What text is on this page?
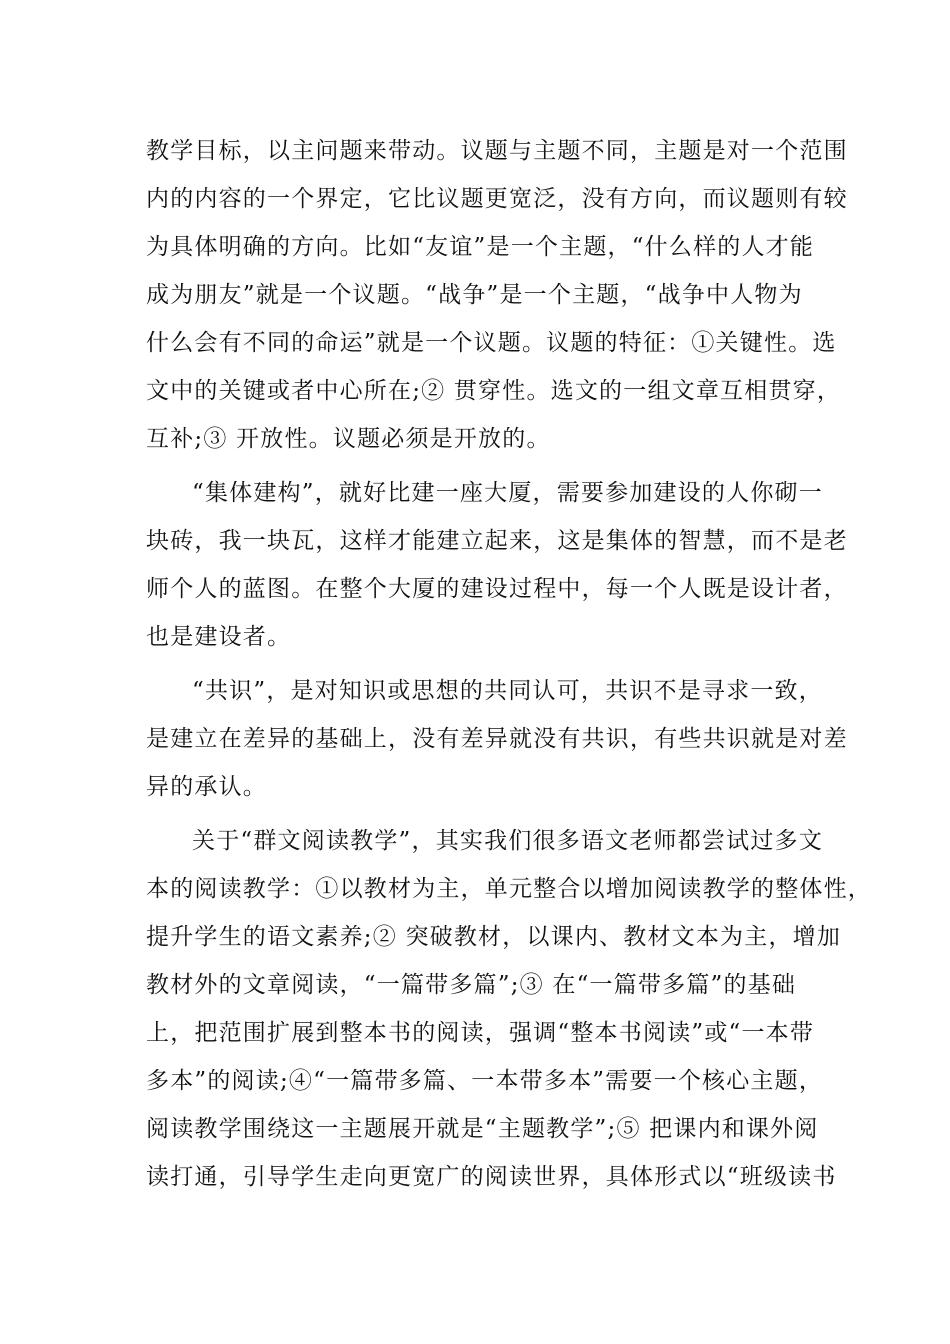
教学目标，以主问题来带动。议题与主题不同，主题是对一个范围
内的内容的一个界定，它比议题更宽泛，没有方向，而议题则有较
为具体明确的方向。比如“友谊”是一个主题，“什么样的人才能
成为朋友”就是一个议题。“战争”是一个主题，“战争中人物为
什么会有不同的命运”就是一个议题。议题的特征：①关键性。选
文中的关键或者中心所在;② 贯穿性。选文的一组文章互相贯穿，
互补;③ 开放性。议题必须是开放的。
“集体建构”，就好比建一座大厦，需要参加建设的人你砌一
块砖，我一块瓦，这样才能建立起来，这是集体的智慧，而不是老
师个人的蓝图。在整个大厦的建设过程中，每一个人既是设计者，
也是建设者。
“共识”，是对知识或思想的共同认可，共识不是寻求一致，
是建立在差异的基础上，没有差异就没有共识，有些共识就是对差
异的承认。
关于“群文阅读教学”，其实我们很多语文老师都尝试过多文
本的阅读教学：①以教材为主，单元整合以增加阅读教学的整体性，
提升学生的语文素养;② 突破教材，以课内、教材文本为主，增加
教材外的文章阅读，“一篇带多篇”;③ 在“一篇带多篇”的基础
上，把范围扩展到整本书的阅读，强调“整本书阅读”或“一本带
多本”的阅读;④“一篇带多篇、一本带多本”需要一个核心主题，
阅读教学围绕这一主题展开就是“主题教学”;⑤ 把课内和课外阅
读打通，引导学生走向更宽广的阅读世界，具体形式以“班级读书
